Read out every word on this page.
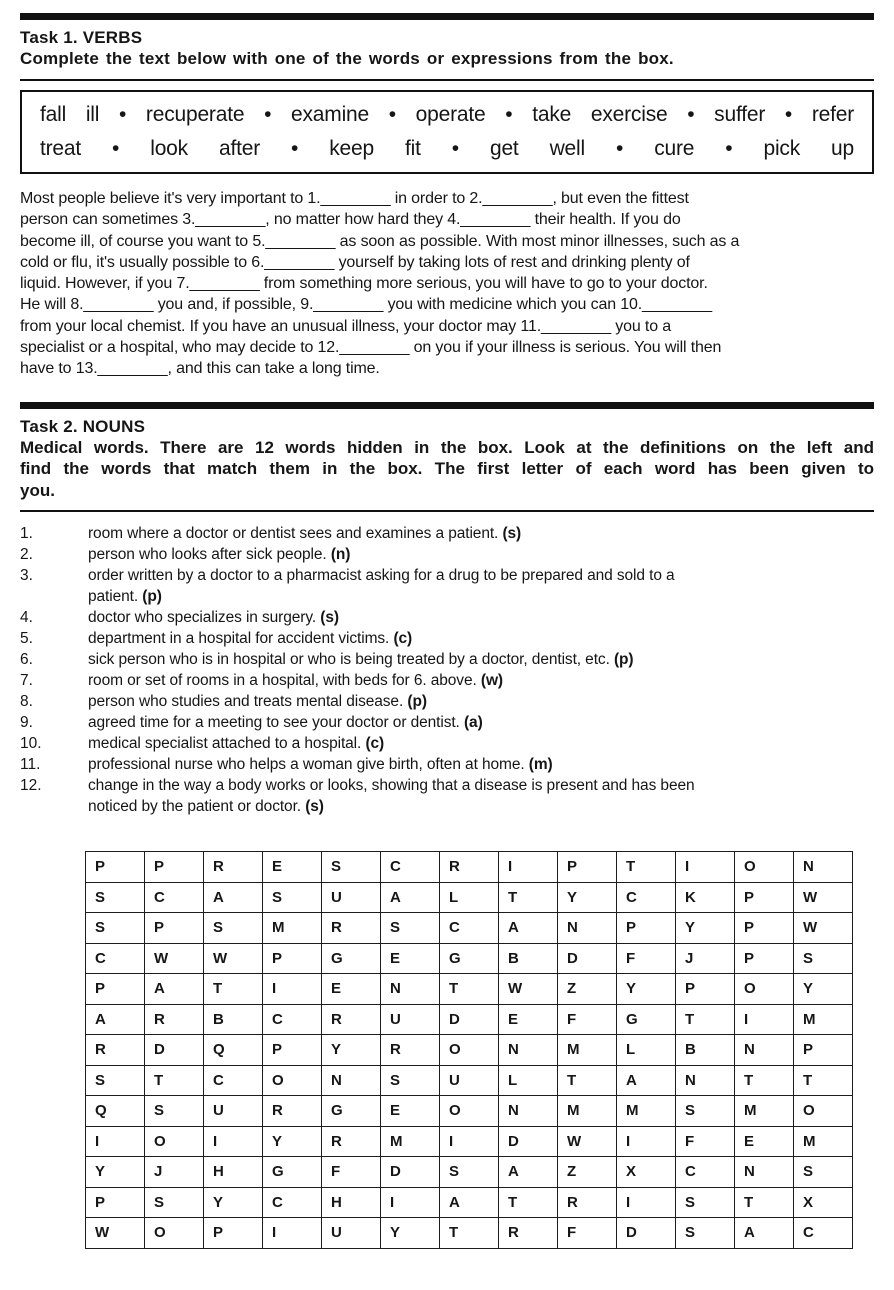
Task 1. VERBS
Complete the text below with one of the words or expressions from the box.
fall ill • recuperate • examine • operate • take exercise • suffer • refer
treat • look after • keep fit • get well • cure • pick up
Most people believe it's very important to 1.________ in order to 2.________, but even the fittest
person can sometimes 3.________, no matter how hard they 4.________ their health. If you do
become ill, of course you want to 5.________ as soon as possible. With most minor illnesses, such as a
cold or flu, it's usually possible to 6.________ yourself by taking lots of rest and drinking plenty of
liquid. However, if you 7.________ from something more serious, you will have to go to your doctor.
He will 8.________ you and, if possible, 9.________ you with medicine which you can 10.________
from your local chemist. If you have an unusual illness, your doctor may 11.________ you to a
specialist or a hospital, who may decide to 12.________ on you if your illness is serious. You will then
have to 13.________, and this can take a long time.
Task 2. NOUNS
Medical words. There are 12 words hidden in the box. Look at the definitions on the left and
find the words that match them in the box. The first letter of each word has been given to
you.
1.	room where a doctor or dentist sees and examines a patient. (s)
2.	person who looks after sick people. (n)
3.	order written by a doctor to a pharmacist asking for a drug to be prepared and sold to a
patient. (p)
4.	doctor who specializes in surgery. (s)
5.	department in a hospital for accident victims. (c)
6.	sick person who is in hospital or who is being treated by a doctor, dentist, etc. (p)
7.	room or set of rooms in a hospital, with beds for 6. above. (w)
8.	person who studies and treats mental disease. (p)
9.	agreed time for a meeting to see your doctor or dentist. (a)
10.	medical specialist attached to a hospital. (c)
11.	professional nurse who helps a woman give birth, often at home. (m)
12.	change in the way a body works or looks, showing that a disease is present and has been
noticed by the patient or doctor. (s)
P	P	R	E	S	C	R	I	P	T	I	O	N
S	C	A	S	U	A	L	T	Y	C	K	P	W
S	P	S	M	R	S	C	A	N	P	Y	P	W
C	W	W	P	G	E	G	B	D	F	J	P	S
P	A	T	I	E	N	T	W	Z	Y	P	O	Y
A	R	B	C	R	U	D	E	F	G	T	I	M
R	D	Q	P	Y	R	O	N	M	L	B	N	P
S	T	C	O	N	S	U	L	T	A	N	T	T
Q	S	U	R	G	E	O	N	M	M	S	M	O
I	O	I	Y	R	M	I	D	W	I	F	E	M
Y	J	H	G	F	D	S	A	Z	X	C	N	S
P	S	Y	C	H	I	A	T	R	I	S	T	X
W	O	P	I	U	Y	T	R	F	D	S	A	C
